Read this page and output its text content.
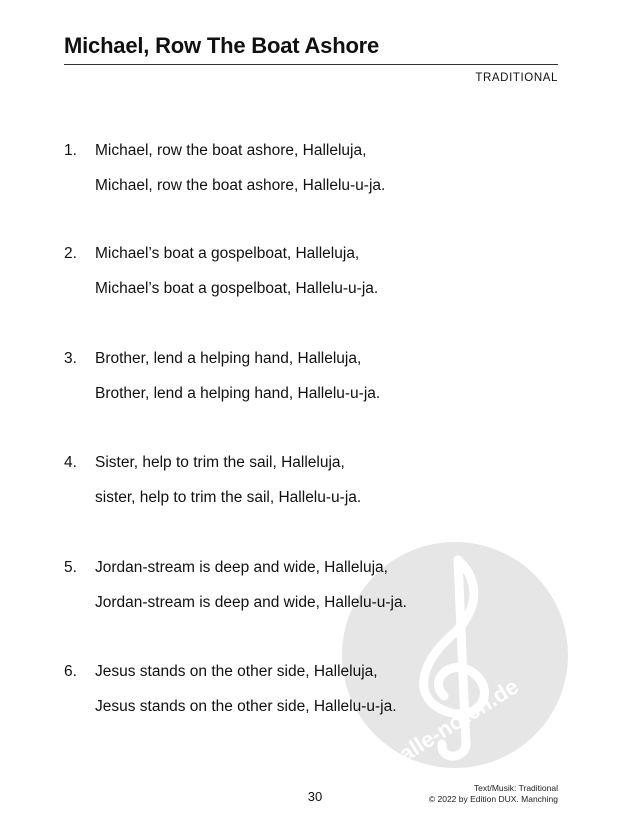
Michael, Row The Boat Ashore
TRADITIONAL
alle-noten.de
1. Michael, row the boat ashore, Halleluja,
Michael, row the boat ashore, Hallelu-u-ja.
2. Michael’s boat a gospelboat, Halleluja,
Michael’s boat a gospelboat, Hallelu-u-ja.
3. Brother, lend a helping hand, Halleluja,
Brother, lend a helping hand, Hallelu-u-ja.
4. Sister, help to trim the sail, Halleluja,
sister, help to trim the sail, Hallelu-u-ja.
5. Jordan-stream is deep and wide, Halleluja,
Jordan-stream is deep and wide, Hallelu-u-ja.
6. Jesus stands on the other side, Halleluja,
Jesus stands on the other side, Hallelu-u-ja.
30
Text/Musik: Traditional
© 2022 by Edition DUX. Manching
